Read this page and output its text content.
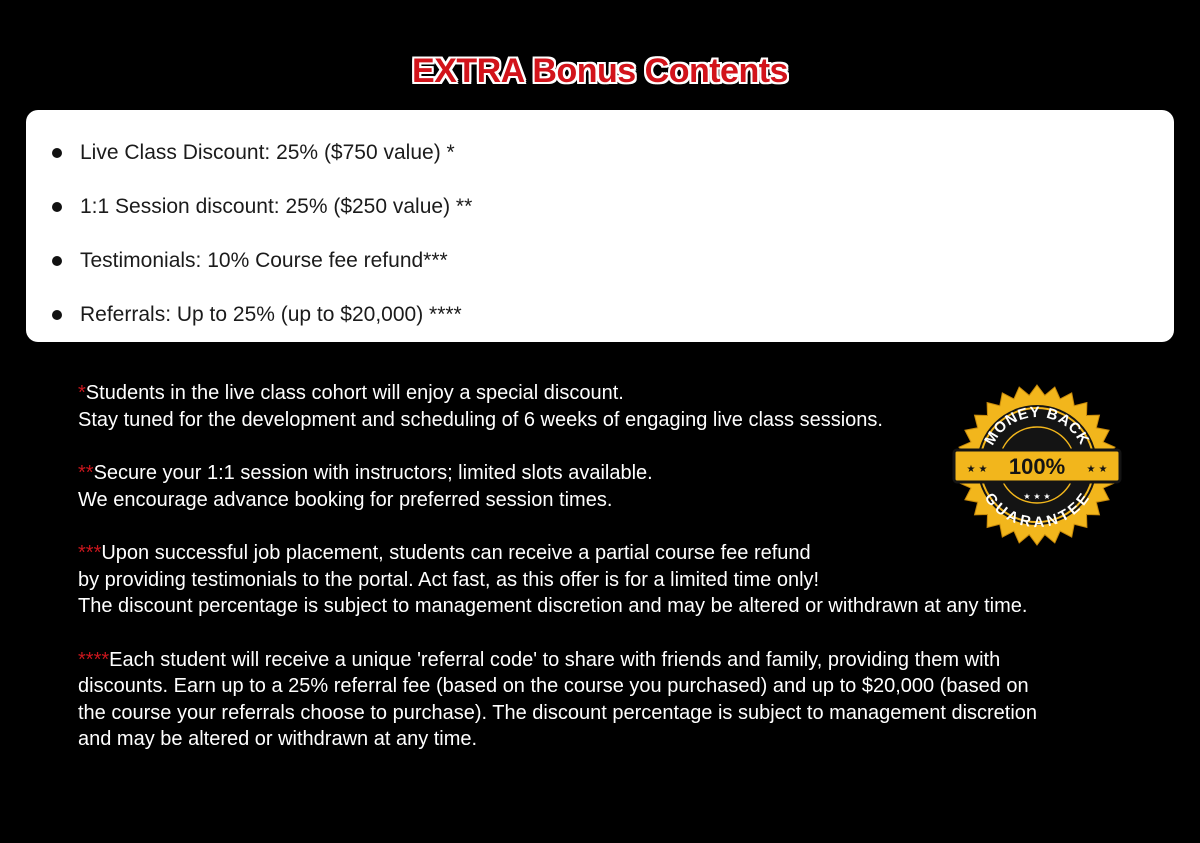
EXTRA Bonus Contents
Live Class Discount: 25% ($750 value) *
1:1 Session discount: 25% ($250 value) **
Testimonials: 10% Course fee refund***
Referrals: Up to 25% (up to $20,000) ****
*Students in the live class cohort will enjoy a special discount.
Stay tuned for the development and scheduling of 6 weeks of engaging live class sessions.
**Secure your 1:1 session with instructors; limited slots available.
We encourage advance booking for preferred session times.
***Upon successful job placement, students can receive a partial course fee refund
by providing testimonials to the portal. Act fast, as this offer is for a limited time only!
The discount percentage is subject to management discretion and may be altered or withdrawn at any time.
****Each student will receive a unique 'referral code' to share with friends and family, providing them with
discounts. Earn up to a 25% referral fee (based on the course you purchased) and up to $20,000 (based on
the course your referrals choose to purchase). The discount percentage is subject to management discretion
and may be altered or withdrawn at any time.
MONEY BACK
GUARANTEE
100%
★ ★	★ ★
★ ★ ★
